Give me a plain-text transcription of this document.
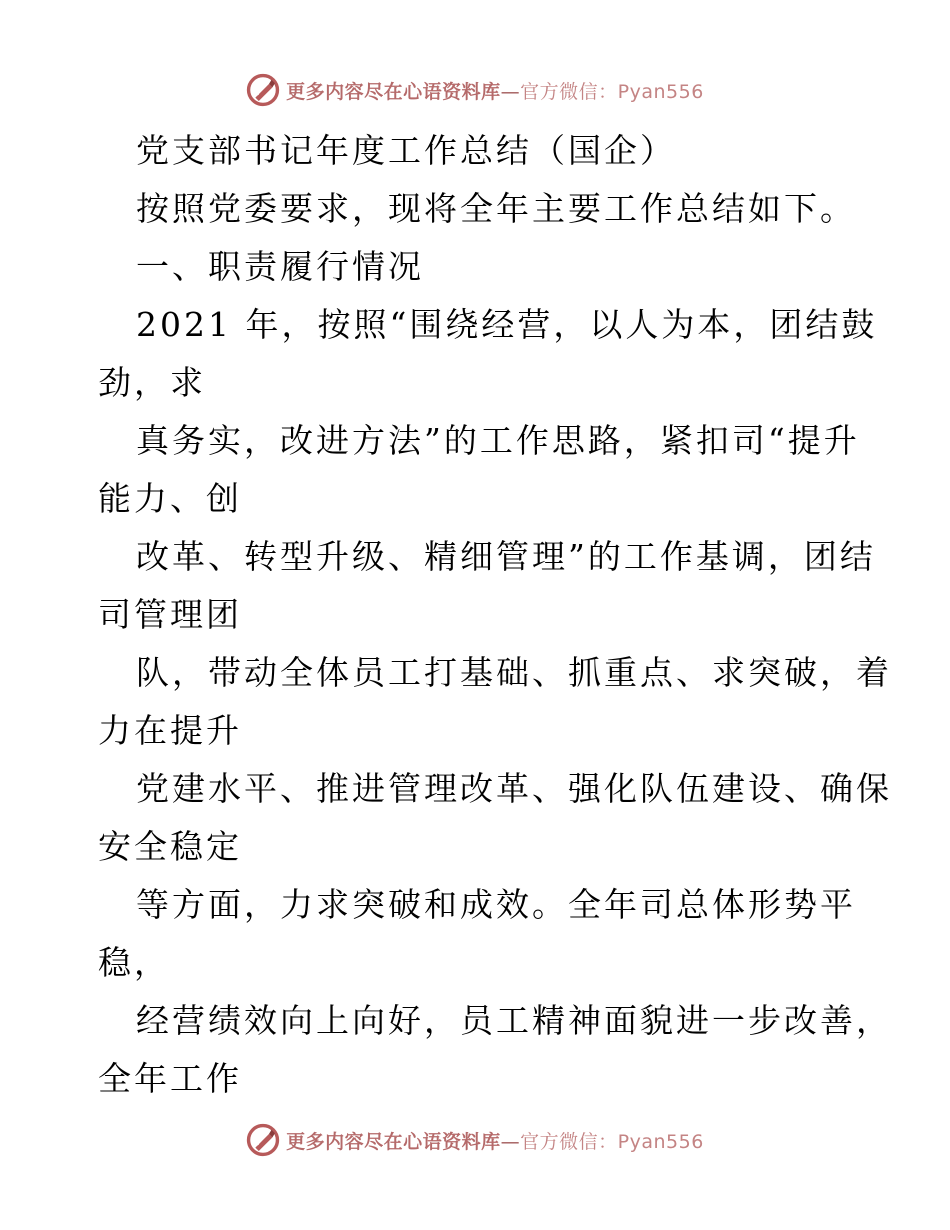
更多内容尽在心语资料库—官方微信：Pyan556
党支部书记年度工作总结（国企）
按照党委要求，现将全年主要工作总结如下。
一、职责履行情况
2021 年，按照“围绕经营，以人为本，团结鼓
劲，求
真务实，改进方法”的工作思路，紧扣司“提升
能力、创
改革、转型升级、精细管理”的工作基调，团结
司管理团
队，带动全体员工打基础、抓重点、求突破，着
力在提升
党建水平、推进管理改革、强化队伍建设、确保
安全稳定
等方面，力求突破和成效。全年司总体形势平
稳，
经营绩效向上向好，员工精神面貌进一步改善，
全年工作
更多内容尽在心语资料库—官方微信：Pyan556
